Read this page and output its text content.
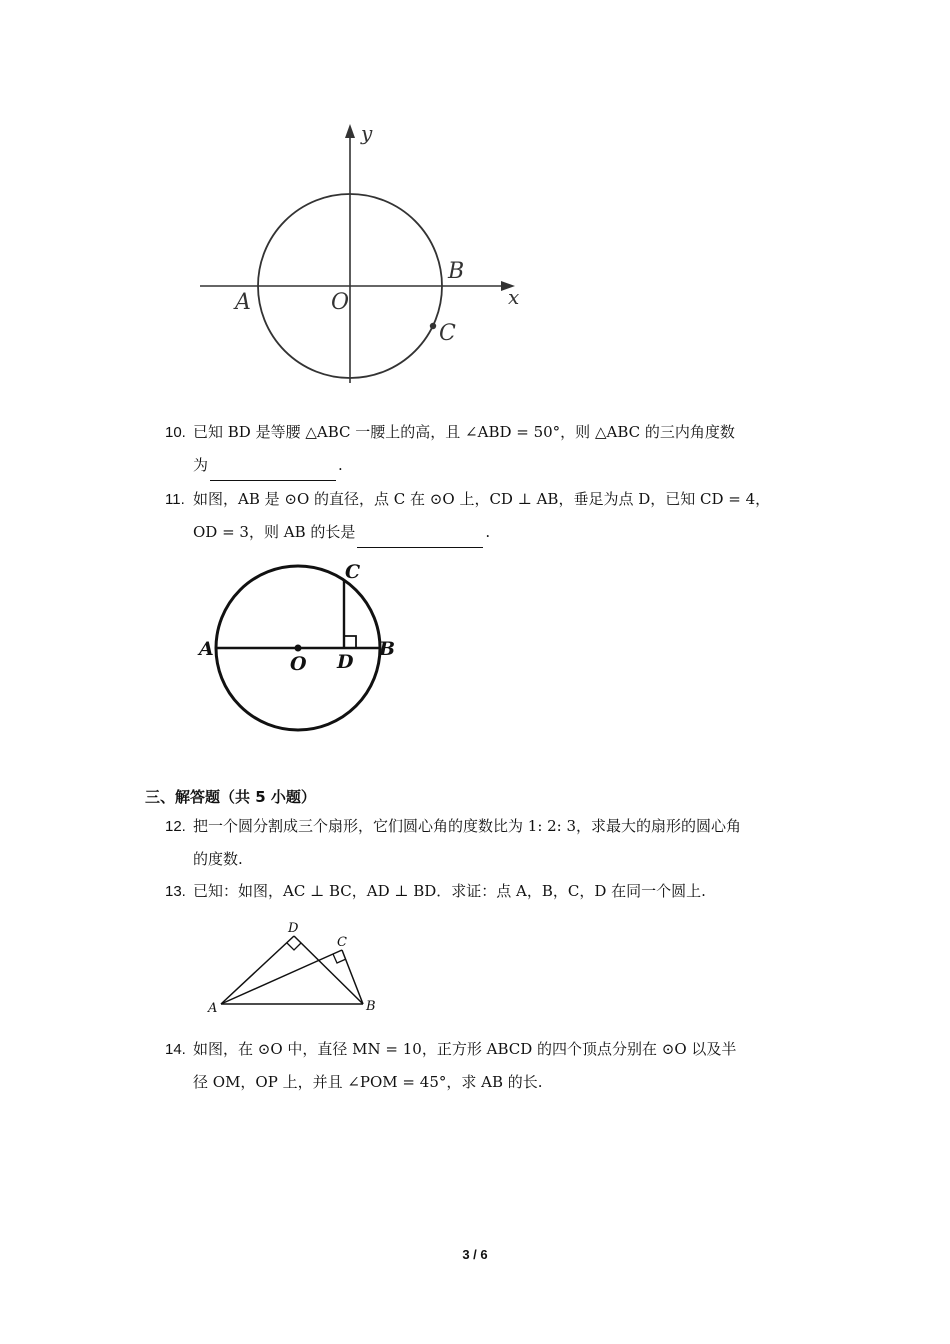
y
x
A	O
B
C
10. 已知 BD 是等腰 △ABC 一腰上的高，且 ∠ABD = 50°，则 △ABC 的三内角度数
为	.
11. 如图，AB 是 ⊙O 的直径，点 C 在 ⊙O 上，CD ⊥ AB，垂足为点 D，已知 CD = 4，
OD = 3，则 AB 的长是	.
A
O D
B
C
三、解答题（共 5 小题）
12. 把一个圆分割成三个扇形，它们圆心角的度数比为 1: 2: 3，求最大的扇形的圆心角
的度数.
13. 已知：如图，AC ⊥ BC，AD ⊥ BD．求证：点 A，B，C，D 在同一个圆上.
A	B
C
D
14. 如图，在 ⊙O 中，直径 MN = 10，正方形 ABCD 的四个顶点分别在 ⊙O 以及半
径 OM，OP 上，并且 ∠POM = 45°，求 AB 的长.
3 / 6
